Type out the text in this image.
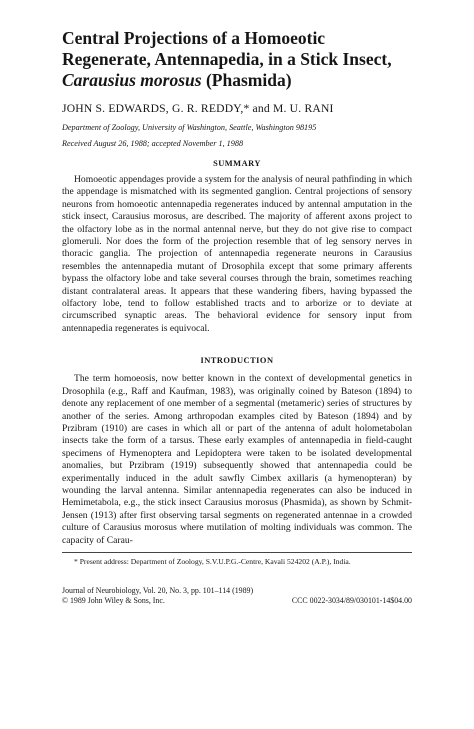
Central Projections of a Homoeotic
Regenerate, Antennapedia, in a Stick Insect,
Carausius morosus (Phasmida)
JOHN S. EDWARDS, G. R. REDDY,* and M. U. RANI
Department of Zoology, University of Washington, Seattle, Washington 98195
Received August 26, 1988; accepted November 1, 1988
SUMMARY

Homoeotic appendages provide a system for the analysis of neural pathfinding in which the appendage is mismatched with its segmented ganglion. Central projections of sensory neurons from homoeotic antennapedia regenerates induced by antennal amputation in the stick insect, Carausius morosus, are described. The majority of afferent axons project to the olfactory lobe as in the normal antennal nerve, but they do not give rise to compact glomeruli. Nor does the form of the projection resemble that of leg sensory nerves in thoracic ganglia. The projection of antennapedia regenerate neurons in Carausius resembles the antennapedia mutant of Drosophila except that some primary afferents bypass the olfactory lobe and take several courses through the brain, sometimes reaching distant contralateral areas. It appears that these wandering fibers, having bypassed the olfactory lobe, tend to follow established tracts and to arborize or to deviate at circumscribed synaptic areas. The behavioral evidence for sensory input from antennapedia regenerates is equivocal.

INTRODUCTION

The term homoeosis, now better known in the context of developmental genetics in Drosophila (e.g., Raff and Kaufman, 1983), was originally coined by Bateson (1894) to denote any replacement of one member of a segmental (metameric) series of structures by another of the series. Among arthropodan examples cited by Bateson (1894) and by Przibram (1910) are cases in which all or part of the antenna of adult holometabolan insects take the form of a tarsus. These early examples of antennapedia in field-caught specimens of Hymenoptera and Lepidoptera were taken to be isolated developmental anomalies, but Przibram (1919) subsequently showed that antennapedia could be experimentally induced in the adult sawfly Cimbex axillaris (a hymenopteran) by wounding the larval antenna. Similar antennapedia regenerates can also be induced in Hemimetabola, e.g., the stick insect Carausius morosus (Phasmida), as shown by Schmit-Jensen (1913) after first observing tarsal segments on regenerated antennae in a crowded culture of Carausius morosus where mutilation of molting individuals was common. The capacity of Carau-

* Present address: Department of Zoology, S.V.U.P.G.-Centre, Kavali 524202 (A.P.), India.
Journal of Neurobiology, Vol. 20, No. 3, pp. 101–114 (1989)
© 1989 John Wiley & Sons, Inc.	CCC 0022-3034/89/030101-14$04.00
